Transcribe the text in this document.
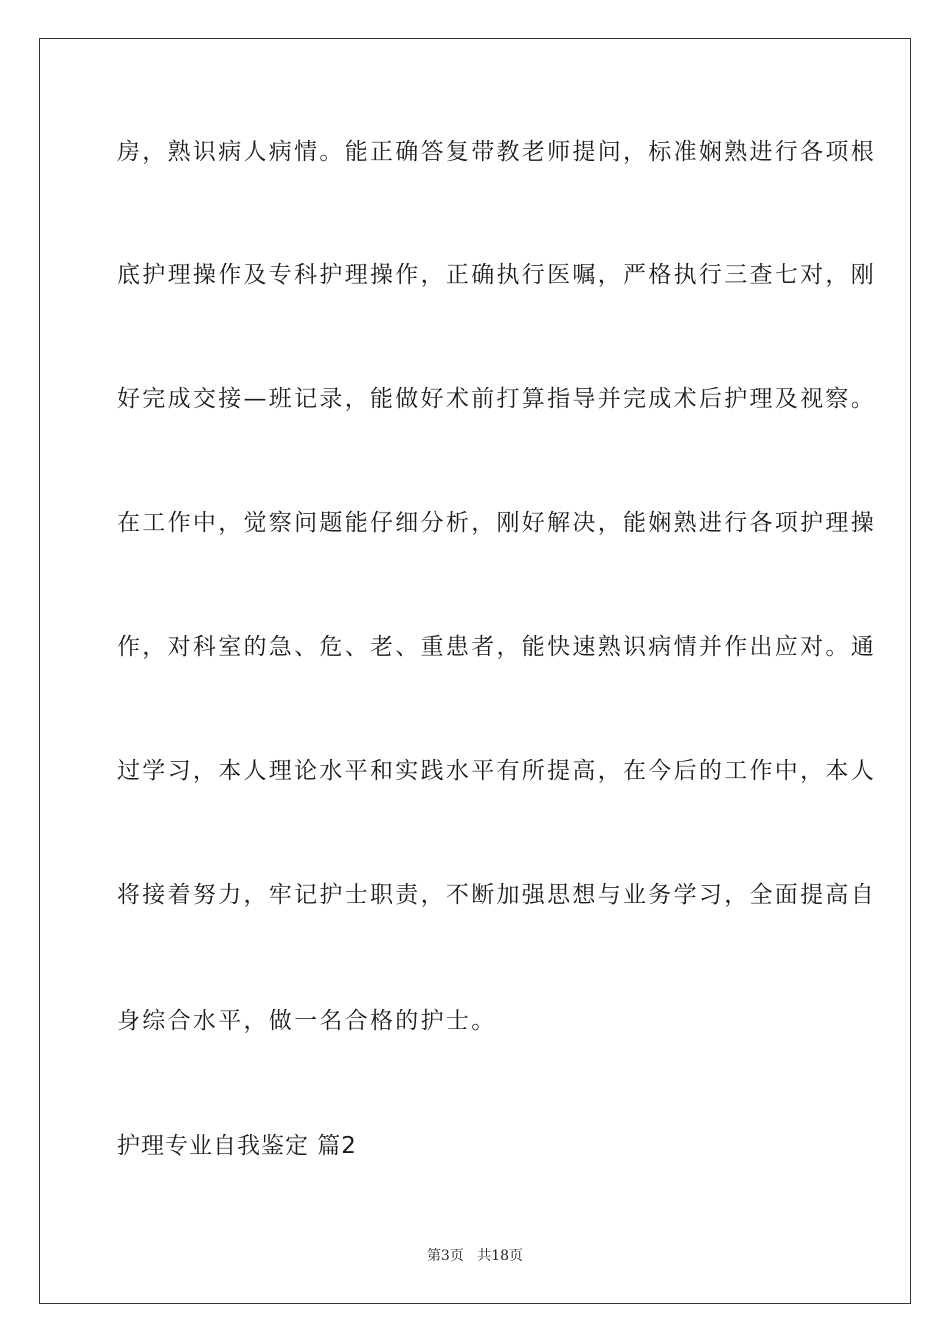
房，熟识病人病情。能正确答复带教老师提问，标准娴熟进行各项根
底护理操作及专科护理操作，正确执行医嘱，严格执行三查七对，刚
好完成交接—班记录，能做好术前打算指导并完成术后护理及视察。
在工作中，觉察问题能仔细分析，刚好解决，能娴熟进行各项护理操
作，对科室的急、危、老、重患者，能快速熟识病情并作出应对。通
过学习，本人理论水平和实践水平有所提高，在今后的工作中，本人
将接着努力，牢记护士职责，不断加强思想与业务学习，全面提高自
身综合水平，做一名合格的护士。
护理专业自我鉴定 篇2
第3页 共18页
